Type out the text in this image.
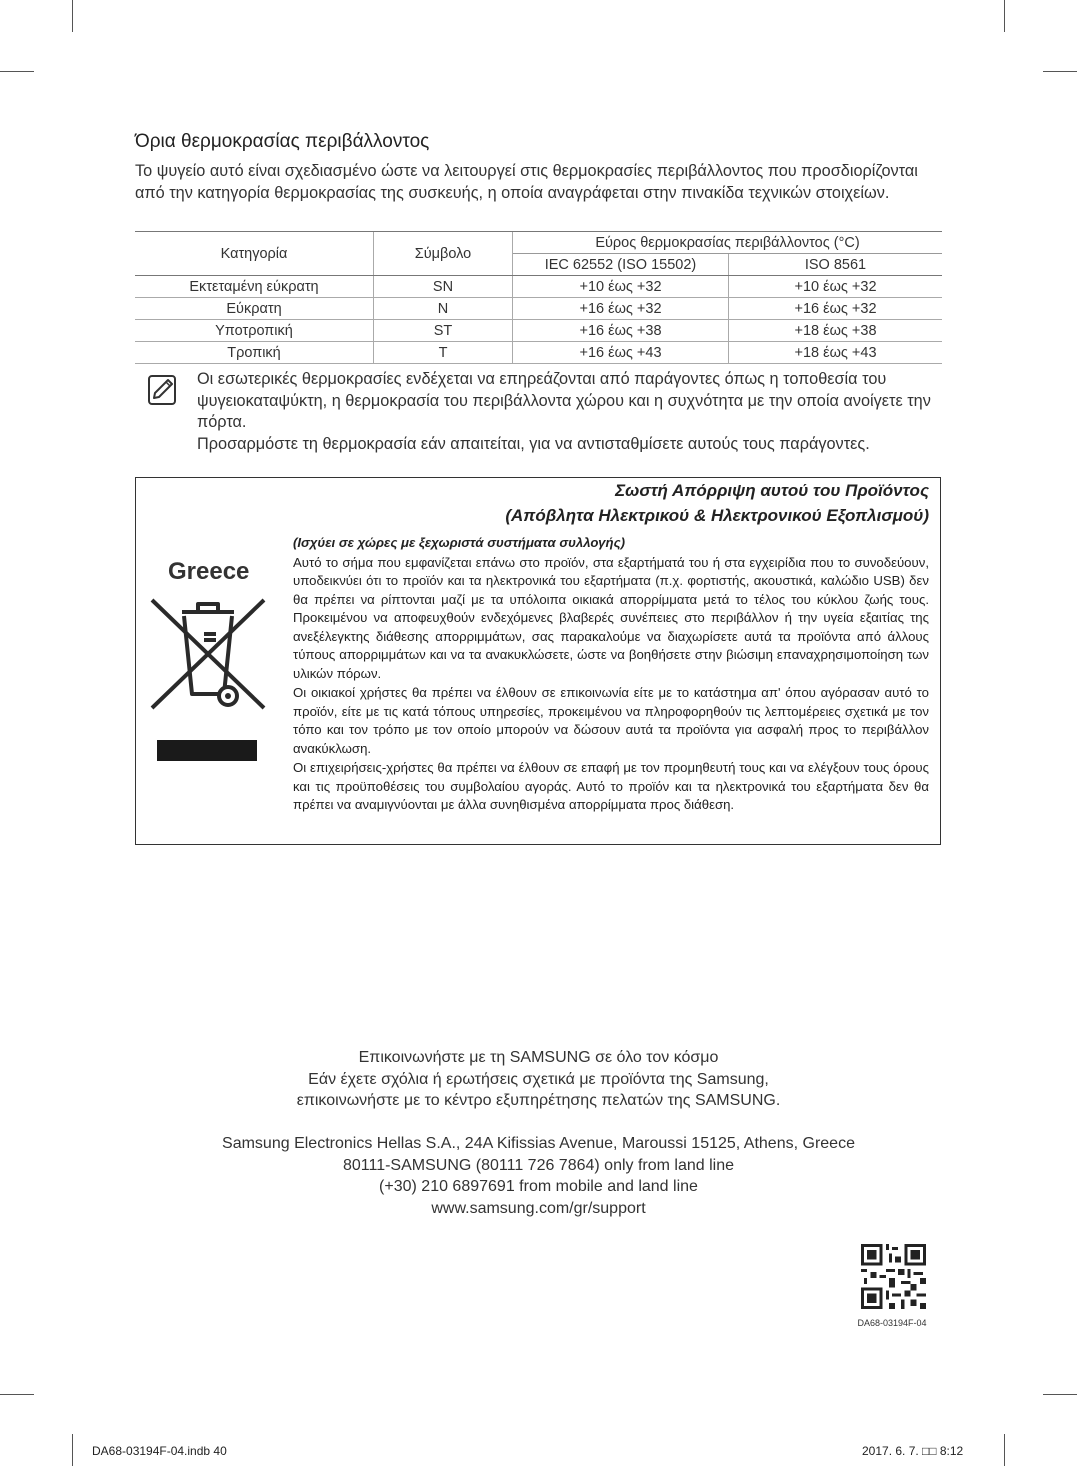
Όρια θερμοκρασίας περιβάλλοντος
Το ψυγείο αυτό είναι σχεδιασμένο ώστε να λειτουργεί στις θερμοκρασίες περιβάλλοντος που προσδιορίζονται από την κατηγορία θερμοκρασίας της συσκευής, η οποία αναγράφεται στην πινακίδα τεχνικών στοιχείων.
Κατηγορία	Σύμβολο	Εύρος θερμοκρασίας περιβάλλοντος (°C)	
		IEC 62552 (ISO 15502)	ISO 8561
Εκτεταμένη εύκρατη	SN	+10 έως +32	+10 έως +32
Εύκρατη	N	+16 έως +32	+16 έως +32
Υποτροπική	ST	+16 έως +38	+18 έως +38
Τροπική	T	+16 έως +43	+18 έως +43

Οι εσωτερικές θερμοκρασίες ενδέχεται να επηρεάζονται από παράγοντες όπως η τοποθεσία του ψυγειοκαταψύκτη, η θερμοκρασία του περιβάλλοντα χώρου και η συχνότητα με την οποία ανοίγετε την πόρτα.

Προσαρμόστε τη θερμοκρασία εάν απαιτείται, για να αντισταθμίσετε αυτούς τους παράγοντες.

Greece
Σωστή Απόρριψη αυτού του Προϊόντος
(Απόβλητα Ηλεκτρικού & Ηλεκτρονικού Εξοπλισμού)

(Ισχύει σε χώρες με ξεχωριστά συστήματα συλλογής)

Αυτό το σήμα που εμφανίζεται επάνω στο προϊόν, στα εξαρτήματά του ή στα εγχειρίδια που το συνοδεύουν, υποδεικνύει ότι το προϊόν και τα ηλεκτρονικά του εξαρτήματα (π.χ. φορτιστής, ακουστικά, καλώδιο USB) δεν θα πρέπει να ρίπτονται μαζί με τα υπόλοιπα οικιακά απορρίμματα μετά το τέλος του κύκλου ζωής τους. Προκειμένου να αποφευχθούν ενδεχόμενες βλαβερές συνέπειες στο περιβάλλον ή την υγεία εξαιτίας της ανεξέλεγκτης διάθεσης απορριμμάτων, σας παρακαλούμε να διαχωρίσετε αυτά τα προϊόντα από άλλους τύπους απορριμμάτων και να τα ανακυκλώσετε, ώστε να βοηθήσετε στην βιώσιμη επαναχρησιμοποίηση των υλικών πόρων.

Οι οικιακοί χρήστες θα πρέπει να έλθουν σε επικοινωνία είτε με το κατάστημα απ' όπου αγόρασαν αυτό το προϊόν, είτε με τις κατά τόπους υπηρεσίες, προκειμένου να πληροφορηθούν τις λεπτομέρειες σχετικά με τον τόπο και τον τρόπο με τον οποίο μπορούν να δώσουν αυτά τα προϊόντα για ασφαλή προς το περιβάλλον ανακύκλωση.

Οι επιχειρήσεις-χρήστες θα πρέπει να έλθουν σε επαφή με τον προμηθευτή τους και να ελέγξουν τους όρους και τις προϋποθέσεις του συμβολαίου αγοράς. Αυτό το προϊόν και τα ηλεκτρονικά του εξαρτήματα δεν θα πρέπει να αναμιγνύονται με άλλα συνηθισμένα απορρίμματα προς διάθεση.

Επικοινωνήστε με τη SAMSUNG σε όλο τον κόσμο
Εάν έχετε σχόλια ή ερωτήσεις σχετικά με προϊόντα της Samsung,
επικοινωνήστε με το κέντρο εξυπηρέτησης πελατών της SAMSUNG.
Samsung Electronics Hellas S.A., 24A Kifissias Avenue, Maroussi 15125, Athens, Greece
80111-SAMSUNG (80111 726 7864) only from land line
(+30) 210 6897691 from mobile and land line
www.samsung.com/gr/support
DA68-03194F-04
DA68-03194F-04.indb 40	2017. 6. 7. □□ 8:12
